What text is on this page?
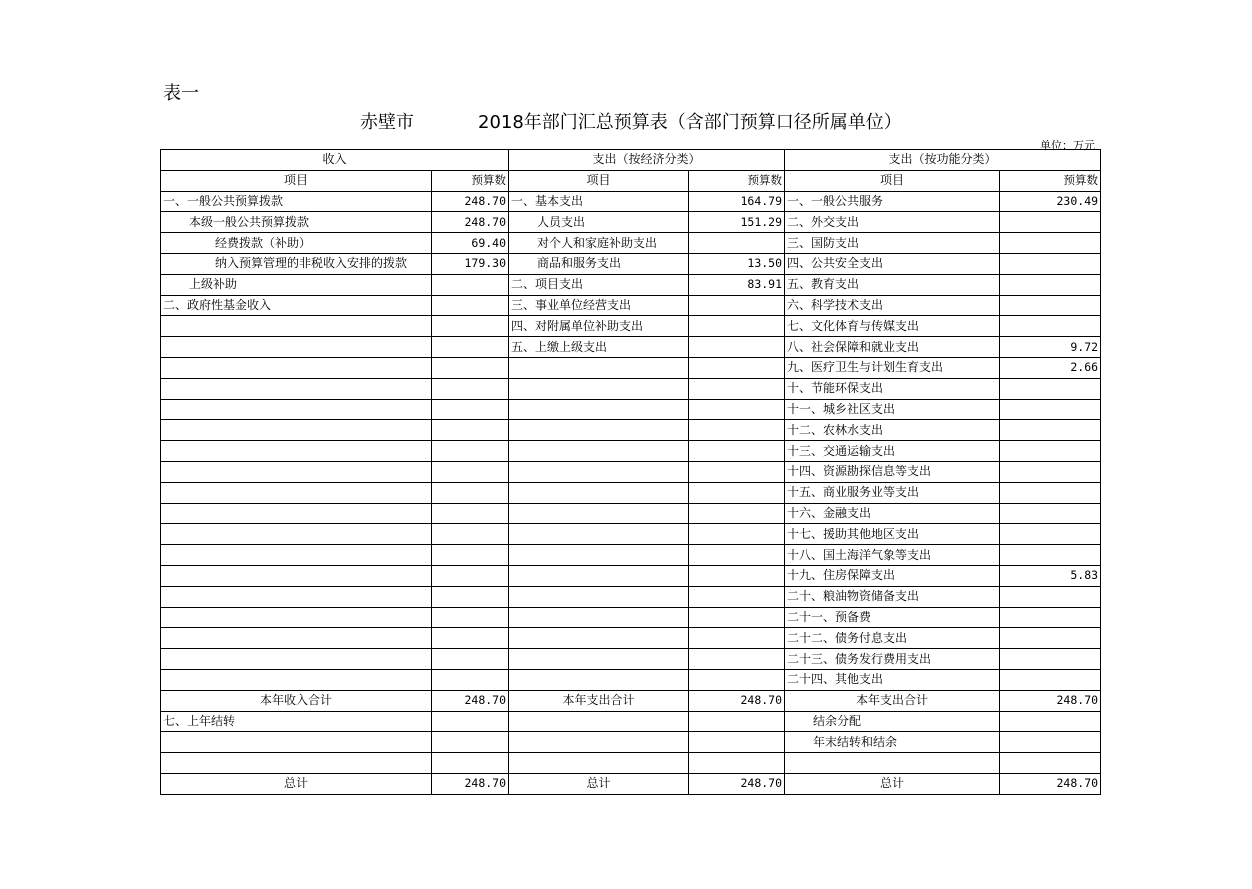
表一
赤壁市	2018年部门汇总预算表（含部门预算口径所属单位）
单位：万元
收入		支出（按经济分类）		支出（按功能分类）	
项目	预算数	项目	预算数	项目	预算数
一、一般公共预算拨款	248.70	一、基本支出	164.79	一、一般公共服务	230.49
本级一般公共预算拨款	248.70	人员支出	151.29	二、外交支出	
经费拨款（补助）	69.40	对个人和家庭补助支出		三、国防支出	
纳入预算管理的非税收入安排的拨款	179.30	商品和服务支出	13.50	四、公共安全支出	
上级补助		二、项目支出	83.91	五、教育支出	
二、政府性基金收入		三、事业单位经营支出		六、科学技术支出	
		四、对附属单位补助支出		七、文化体育与传媒支出	
		五、上缴上级支出		八、社会保障和就业支出	9.72
				九、医疗卫生与计划生育支出	2.66
				十、节能环保支出	
				十一、城乡社区支出	
				十二、农林水支出	
				十三、交通运输支出	
				十四、资源勘探信息等支出	
				十五、商业服务业等支出	
				十六、金融支出	
				十七、援助其他地区支出	
				十八、国土海洋气象等支出	
				十九、住房保障支出	5.83
				二十、粮油物资储备支出	
				二十一、预备费	
				二十二、债务付息支出	
				二十三、债务发行费用支出	
				二十四、其他支出	
本年收入合计	248.70	本年支出合计	248.70	本年支出合计	248.70
七、上年结转				结余分配	
				年末结转和结余	

总计	248.70	总计	248.70	总计	248.70
